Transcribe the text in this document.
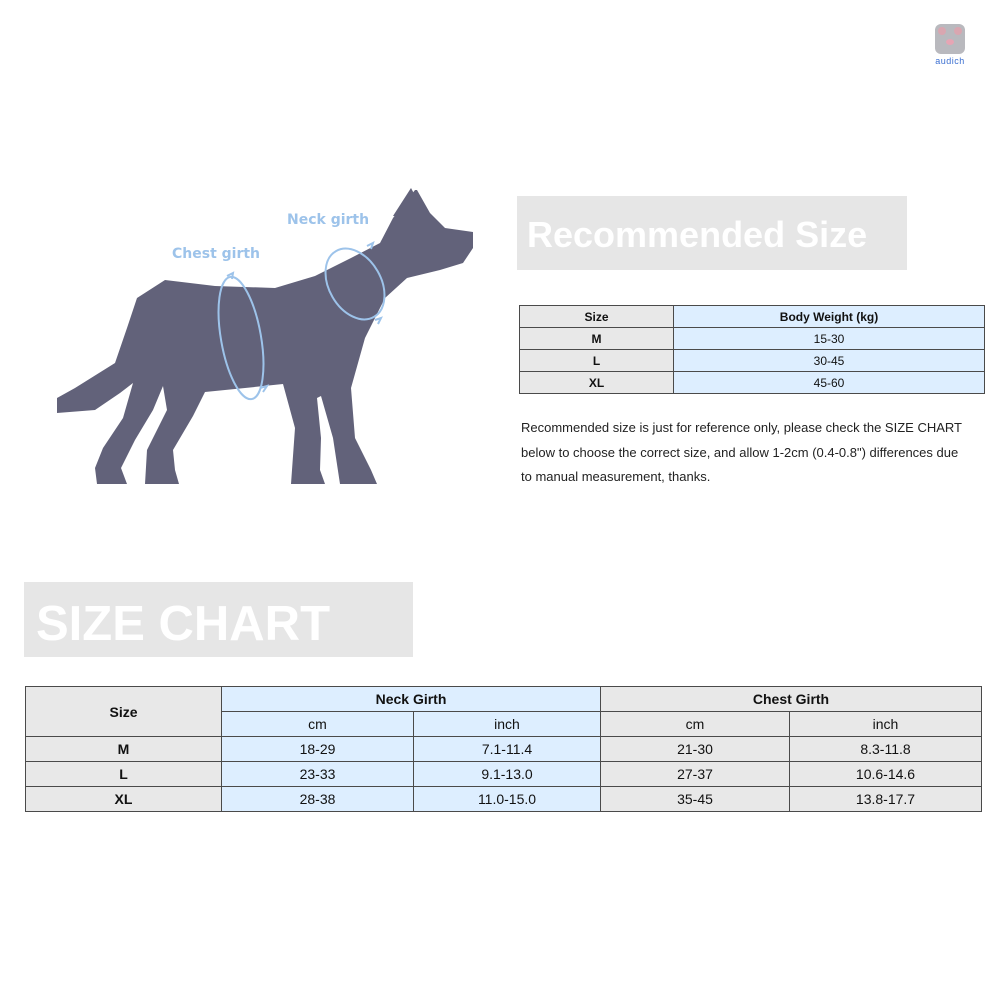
audich
Neck girth
Chest girth	Recommended Size
Size	Body Weight (kg)
M	15-30
L	30-45
XL	45-60
Recommended size is just for reference only, please check the SIZE CHART below to choose the correct size, and allow 1-2cm (0.4-0.8") differences due to manual measurement, thanks.
SIZE CHART
Size	Neck Girth		Chest Girth	
	cm	inch	cm	inch
M	18-29	7.1-11.4	21-30	8.3-11.8
L	23-33	9.1-13.0	27-37	10.6-14.6
XL	28-38	11.0-15.0	35-45	13.8-17.7
